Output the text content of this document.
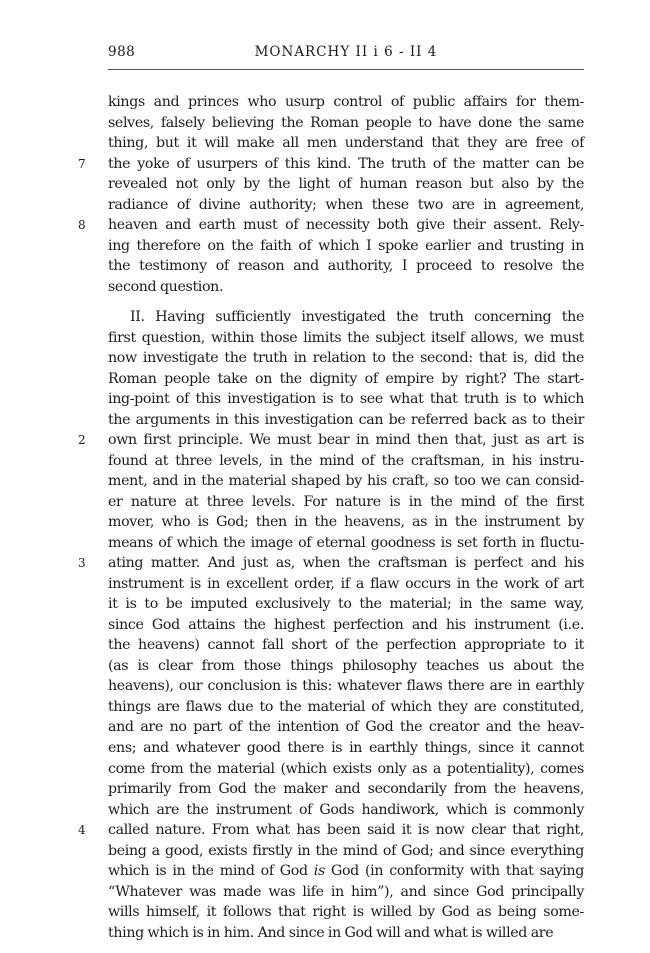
988	MONARCHY II i 6 - II 4
kings and princes who usurp control of public affairs for them-
selves, falsely believing the Roman people to have done the same
thing, but it will make all men understand that they are free of
the yoke of usurpers of this kind. The truth of the matter can be
7
revealed not only by the light of human reason but also by the
radiance of divine authority; when these two are in agreement,
heaven and earth must of necessity both give their assent. Rely-
8
ing therefore on the faith of which I spoke earlier and trusting in
the testimony of reason and authority, I proceed to resolve the
second question.
II. Having sufficiently investigated the truth concerning the
first question, within those limits the subject itself allows, we must
now investigate the truth in relation to the second: that is, did the
Roman people take on the dignity of empire by right? The start-
ing-point of this investigation is to see what that truth is to which
the arguments in this investigation can be referred back as to their
own first principle. We must bear in mind then that, just as art is
2
found at three levels, in the mind of the craftsman, in his instru-
ment, and in the material shaped by his craft, so too we can consid-
er nature at three levels. For nature is in the mind of the first
mover, who is God; then in the heavens, as in the instrument by
means of which the image of eternal goodness is set forth in fluctu-
ating matter. And just as, when the craftsman is perfect and his
3
instrument is in excellent order, if a flaw occurs in the work of art
it is to be imputed exclusively to the material; in the same way,
since God attains the highest perfection and his instrument (i.e.
the heavens) cannot fall short of the perfection appropriate to it
(as is clear from those things philosophy teaches us about the
heavens), our conclusion is this: whatever flaws there are in earthly
things are flaws due to the material of which they are constituted,
and are no part of the intention of God the creator and the heav-
ens; and whatever good there is in earthly things, since it cannot
come from the material (which exists only as a potentiality), comes
primarily from God the maker and secondarily from the heavens,
which are the instrument of Gods handiwork, which is commonly
called nature. From what has been said it is now clear that right,
4
being a good, exists firstly in the mind of God; and since everything
which is in the mind of God is God (in conformity with that saying
“Whatever was made was life in him”), and since God principally
wills himself, it follows that right is willed by God as being some-
thing which is in him. And since in God will and what is willed are
